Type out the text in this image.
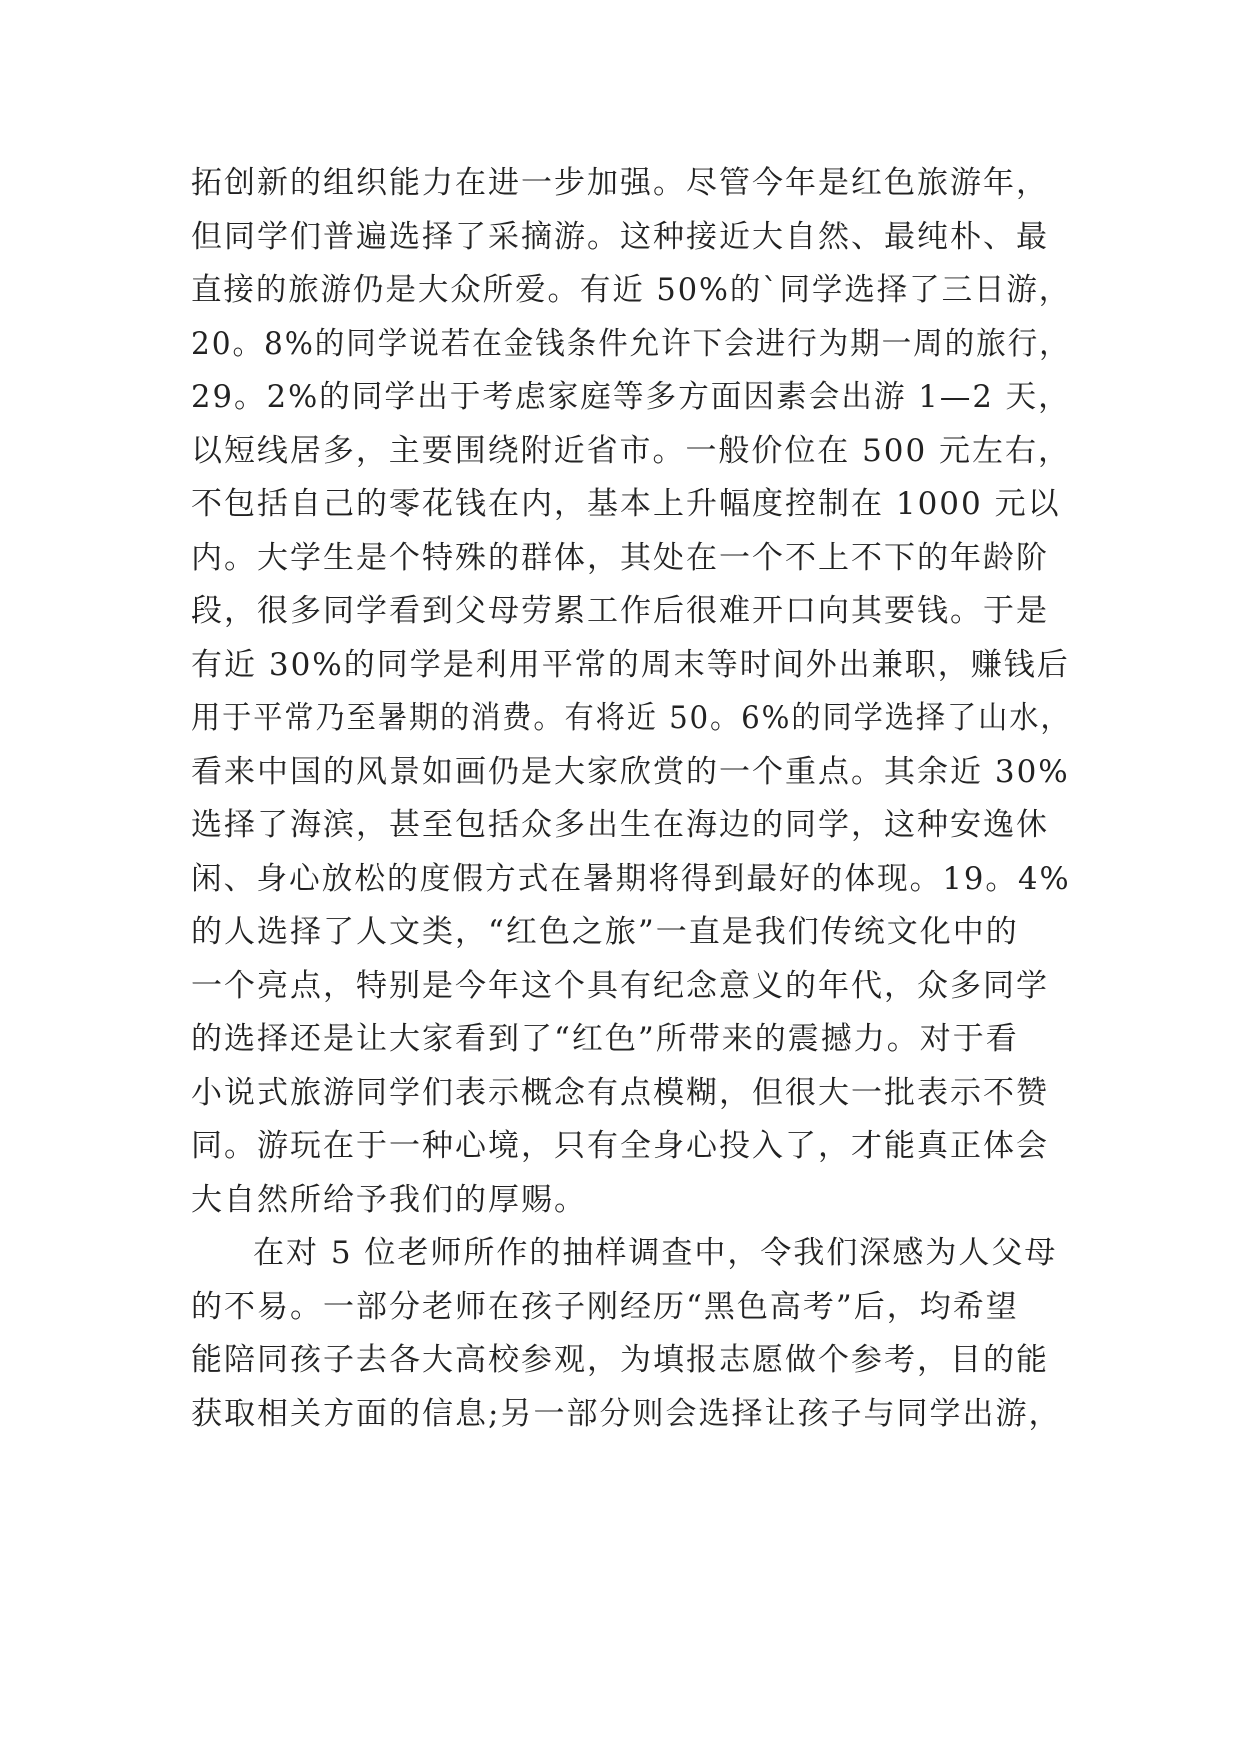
拓创新的组织能力在进一步加强。尽管今年是红色旅游年，
但同学们普遍选择了采摘游。这种接近大自然、最纯朴、最
直接的旅游仍是大众所爱。有近 50%的`同学选择了三日游，
20。8%的同学说若在金钱条件允许下会进行为期一周的旅行，
29。2%的同学出于考虑家庭等多方面因素会出游 1—2 天，
以短线居多，主要围绕附近省市。一般价位在 500 元左右，
不包括自己的零花钱在内，基本上升幅度控制在 1000 元以
内。大学生是个特殊的群体，其处在一个不上不下的年龄阶
段，很多同学看到父母劳累工作后很难开口向其要钱。于是
有近 30%的同学是利用平常的周末等时间外出兼职，赚钱后
用于平常乃至暑期的消费。有将近 50。6%的同学选择了山水，
看来中国的风景如画仍是大家欣赏的一个重点。其余近 30%
选择了海滨，甚至包括众多出生在海边的同学，这种安逸休
闲、身心放松的度假方式在暑期将得到最好的体现。19。4%
的人选择了人文类，“红色之旅”一直是我们传统文化中的
一个亮点，特别是今年这个具有纪念意义的年代，众多同学
的选择还是让大家看到了“红色”所带来的震撼力。对于看
小说式旅游同学们表示概念有点模糊，但很大一批表示不赞
同。游玩在于一种心境，只有全身心投入了，才能真正体会
大自然所给予我们的厚赐。
在对 5 位老师所作的抽样调查中，令我们深感为人父母
的不易。一部分老师在孩子刚经历“黑色高考”后，均希望
能陪同孩子去各大高校参观，为填报志愿做个参考，目的能
获取相关方面的信息;另一部分则会选择让孩子与同学出游，
